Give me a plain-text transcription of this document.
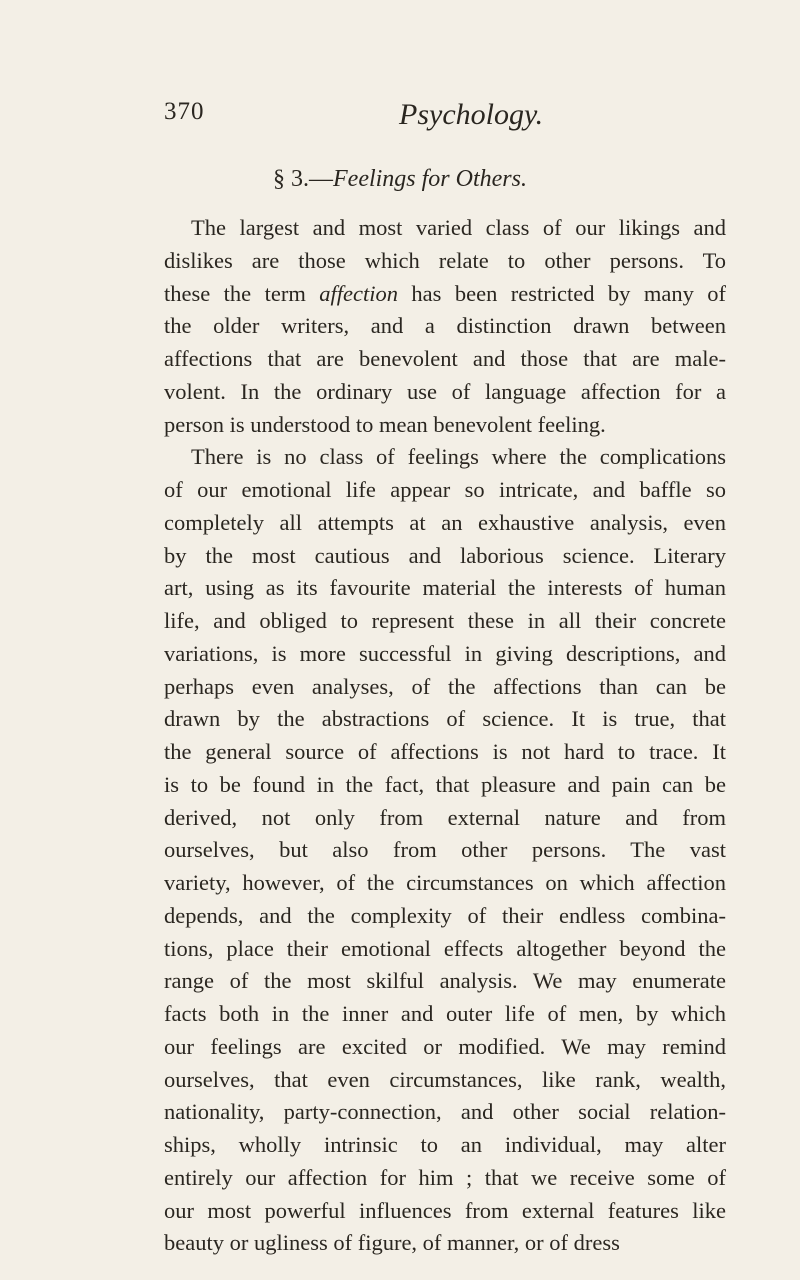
370	Psychology.
§ 3.—Feelings for Others.
The largest and most varied class of our likings and
dislikes are those which relate to other persons. To
these the term affection has been restricted by many of
the older writers, and a distinction drawn between
affections that are benevolent and those that are male-
volent. In the ordinary use of language affection for a
person is understood to mean benevolent feeling.
There is no class of feelings where the complications
of our emotional life appear so intricate, and baffle so
completely all attempts at an exhaustive analysis, even
by the most cautious and laborious science. Literary
art, using as its favourite material the interests of human
life, and obliged to represent these in all their concrete
variations, is more successful in giving descriptions, and
perhaps even analyses, of the affections than can be
drawn by the abstractions of science. It is true, that
the general source of affections is not hard to trace. It
is to be found in the fact, that pleasure and pain can be
derived, not only from external nature and from
ourselves, but also from other persons. The vast
variety, however, of the circumstances on which affection
depends, and the complexity of their endless combina-
tions, place their emotional effects altogether beyond the
range of the most skilful analysis. We may enumerate
facts both in the inner and outer life of men, by which
our feelings are excited or modified. We may remind
ourselves, that even circumstances, like rank, wealth,
nationality, party-connection, and other social relation-
ships, wholly intrinsic to an individual, may alter
entirely our affection for him ; that we receive some of
our most powerful influences from external features like
beauty or ugliness of figure, of manner, or of dress
